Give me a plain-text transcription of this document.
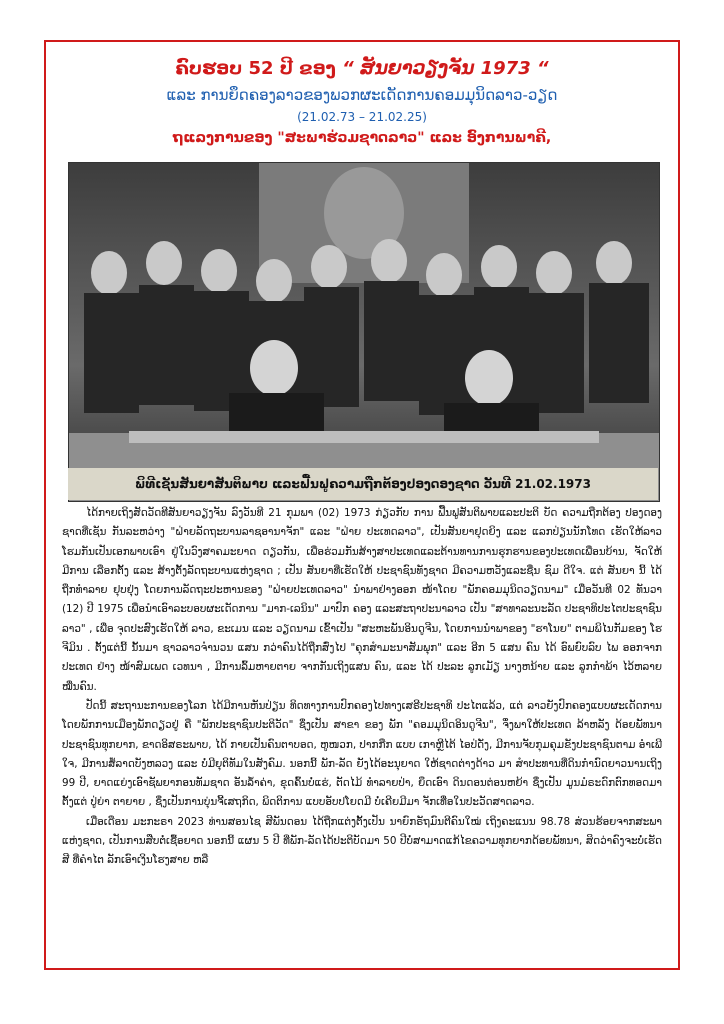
ຄົບຮອບ 52 ປີ ຂອງ “ ສັນຍາວຽງຈັນ 1973 “
ແລະ ການຍຶດຄອງລາວຂອງພວກຜະເດັດການຄອມມຸນິດລາວ-ວຽດ
(21.02.73 – 21.02.25)
ຖແລງການຂອງ "ສະພາຮ່ວມຊາດລາວ" ແລະ ອົງການພາຄີ,
ພິທີເຊັນສັນຍາສັນຕິພາບ ແລະຟື້ນຟູຄວາມຖືກຕ້ອງປອງດອງຊາດ ວັນທີ 21.02.1973

ໄດ້ກາຍເຖິງສັດວັດທີສັນຍາວຽງຈັນ ລົງວັນທີ 21 ກຸມພາ (02) 1973 ກ່ຽວກັບ ການ ຟື້ນຟູສັນຕິພາບແລະປະຕິ ບັດ ຄວາມຖືກຕ້ອງ ປອງດອງ ຊາດທີ່ເຊັນ ກັນລະຫວ່າງ "ຝ່າຍລັດຖະບານລາຊອານາຈັກ" ແລະ "ຝ່າຍ ປະເທດລາວ", ເປັນສັນຍາຢຸດຍິງ ແລະ ແລກປ່ຽນນັກໂທດ ເຮັດໃຫ້ລາວໂຮມກັນເປັນເອກພາບເອົາ ຢູ່ໃນວົງສາຄມະຍາດ ດຽວກັນ, ເພື່ອຮ່ວມກັນສ້າງສາປະເທດແລະຕ້ານທານການຮຸກຮານຂອງປະເທດເພື່ອນບ້ານ, ຈັດໃຫ້ມີການ ເລືອກຕັ້ງ ແລະ ສ້າງຕັ້ງລັດຖະບານແຫ່ງຊາດ ; ເປັນ ສັນຍາທີ່ເຮັດໃຫ້ ປະຊາຊົນທັງຊາດ ມີຄວາມຫວັງແລະຊື່ນ ຊົມ ດີໃຈ. ແຕ່ ສັນຍາ ນີ້ ໄດ້ຖືກທຳລາຍ ຢຸບຢຸ່ງ ໂດຍການລັດຖະປະຫານຂອງ "ຝ່າຍປະເທດລາວ" ນຳພາຢ່າງອອກ ໜ້າໂດຍ "ພັກຄອມມຸນິດວຽດນາມ" ເມື່ອວັນທີ 02 ທັນວາ (12) ປີ 1975 ເພື່ອນຳເອົາລະບອບຜະເດັດການ "ມາກ-ເລນິນ" ມາປົກ ຄອງ ແລະສະຖາປະນາລາວ ເປັນ "ສາທາລະນະລັດ ປະຊາທິປະໄຕປະຊາຊົນລາວ" , ເພື່ອ ຈຸດປະສົງເຮັດໃຫ້ ລາວ, ຂະເມນ ແລະ ວຽດນາມ ເຂົ້າເປັນ "ສະຫະພັນອິນດູຈີນ, ໂດຍການນຳພາຂອງ "ຮາໂນຍ" ຕາມພິໄນກັມຂອງ ໂຮຈີມິນ . ຕັ້ງແຕ່ນີ້ ນັ້ນມາ ຊາວລາວຈຳນວນ ແສນ ກວ່າຄົນໄດ້ຖືກສົ່ງໄປ "ຄຸກສໍາມະນາສັມພຸກ" ແລະ ອີກ 5 ແສນ ຄົນ ໄດ້ ອົພຍົບລົບ ໄພ ອອກຈາກປະເທດ ຢ່າງ ໜ້າສົມເພດ ເວທນາ , ມີການລົ້ມຫາຍຕາຍ ຈາກກັນເຖິງແສນ ຄົນ, ແລະ ໄດ້ ປະລະ ລູກເມັຽ ນາງຫນ້າຍ ແລະ ລູກກຳພ້າ ໄວ້ຫລາຍໝື່ນຄົນ.

ປັດນີ້ ສະຖານະການຂອງໂລກ ໄດ້ມີການຫັນປ່ຽນ ທິດທາງການປົກຄອງໄປທາງເສຣີປະຊາທິ ປະໄຕແລ້ວ, ແຕ່ ລາວຍັງປົກຄອງແບບຜະເດັດການໂດຍພັກການເມືອງພັກດຽວຢູ່ ຄື "ພັກປະຊາຊົນປະຕິວັດ" ຊຶ່ງເປັນ ສາຂາ ຂອງ ພັກ "ຄອມມຸນິດອິນດູຈີນ", ຈຶ່ງພາໃຫ້ປະເທດ ລ້າຫລັງ ດ້ອຍພັທນາ ປະຊາຊົນທຸກຍາກ, ຂາດອິສຣະພາບ, ໄດ້ ກາຍເປັນຄົນຕາບອດ, ຫູໜວກ, ປາກກືກ ແບບ ເກາຫຼີໄຕ້ ໄອປ່ດັ່ງ, ມີການຈັບກຸມຄຸມຂັງປະຊາຊົນຕາມ ອຳເພີໃຈ, ມີການສໍ້ລາດບັງຫລວງ ແລະ ບໍ່ມີຍຸຕິທັມໃນສັງຄົມ. ນອກນີ້ ພັກ-ລັດ ຍັງໄດ້ອະນຸຍາດ ໃຫ້ຊາດຕ່າງດ້າວ ມາ ສຳປະທານທີ່ດິນກຳນົດຍາວນານເຖິງ 99 ປີ, ຍາດແຍ່ງເອົາຊັພຍາກອນທັມຊາດ ອັນລໍ້າຄ່າ, ຂຸດຄົ້ນບໍ່ແຮ່, ຕັດໄມ້ ທຳລາຍປ່າ, ຍຶດເອົາ ດິນດອນຕ່ອນຫຍ້າ ຊຶ່ງເປັນ ມູນມໍຣະດົກຕົກທອດມາ ຕັ້ງແຕ່ ປູ່ຍ່າ ຕາຍາຍ , ຊຶ່ງເປັນການບຸ່ນຈີ້ເສຖກິດ, ພິດຕິການ ແບບອັບປໂຍດມີ ບໍ່ເຄີຍມີມາ ຈັກເທື່ອໃນປະວັດສາດລາວ.

ເມື່ອເດືອນ ມະກະຣາ 2023 ທ່ານສອນໄຊ ສີພັນດອນ ໄດ້ຖືກແຕ່ງຕັ້ງເປັນ ນາຍົກຣັຖມົນຕີຄົນໃໝ່ ເຖິງຄະແນນ 98.78 ສ່ວນຮ້ອຍຈາກສະພາແຫ່ງຊາດ, ເປັນການສືບຕໍ່ເຊື້ອຍາດ ນອກນີ້ ແຜນ 5 ປີ ທີ່ພັກ-ລັດໄດ້ປະຕິບັດມາ 50 ປີບໍ່ສາມາດແກ້ໄຂຄວາມທຸກຍາກດ້ອຍພັທນາ, ສິດວ່າຄົງຈະບໍ່ເຮັດສີ ທີ່ຄຳໄຕ ລັກເອົາເງິນໂຮງສາຍ ຫລື
